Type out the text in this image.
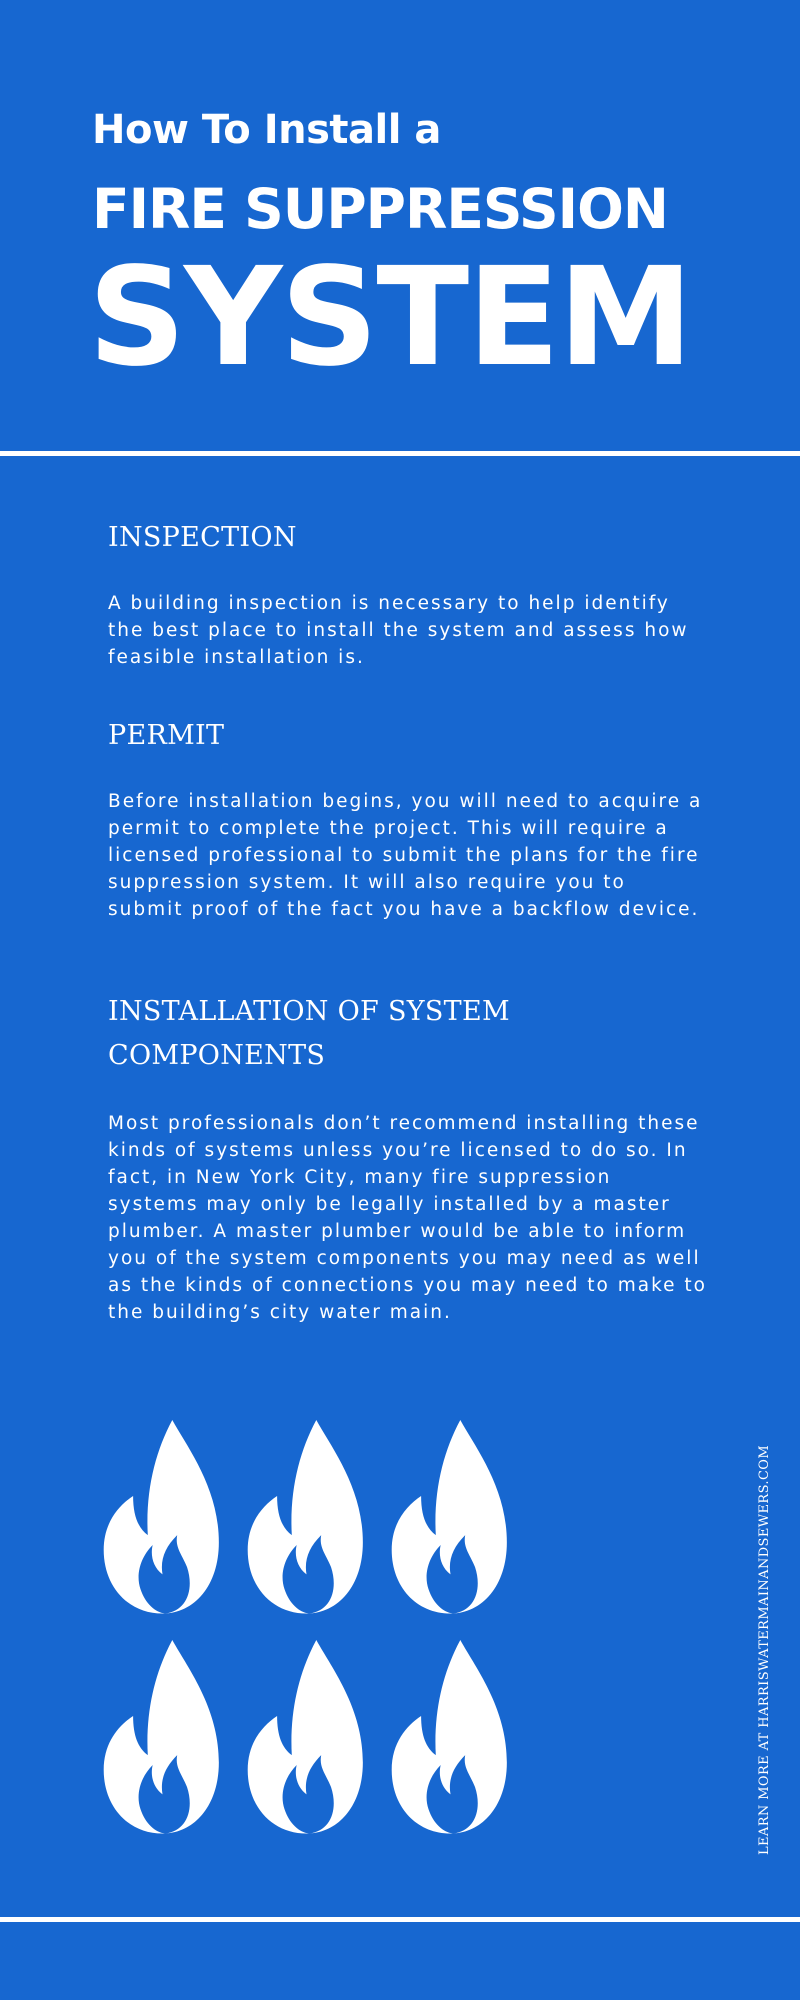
How To Install a
FIRE SUPPRESSION
SYSTEM
INSPECTION

A building inspection is necessary to help identify the best place to install the system and assess how feasible installation is.

PERMIT

Before installation begins, you will need to acquire a permit to complete the project. This will require a licensed professional to submit the plans for the fire suppression system. It will also require you to submit proof of the fact you have a backflow device.

INSTALLATION OF SYSTEM COMPONENTS

Most professionals don’t recommend installing these kinds of systems unless you’re licensed to do so. In fact, in New York City, many fire suppression systems may only be legally installed by a master plumber. A master plumber would be able to inform you of the system components you may need as well as the kinds of connections you may need to make to the building’s city water main.

LEARN MORE AT HARRISWATERMAINANDSEWERS.COM
